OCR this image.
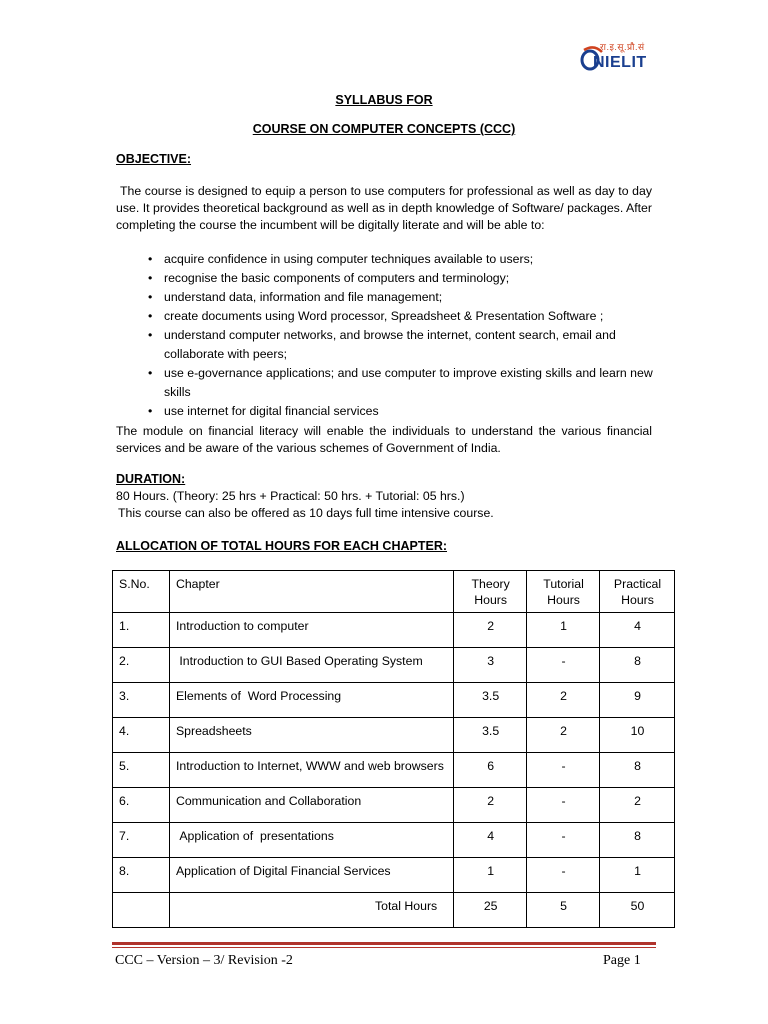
रा.इ.सू.प्रौ.सं
NIELIT
SYLLABUS FOR
COURSE ON COMPUTER CONCEPTS (CCC)
OBJECTIVE:
The course is designed to equip a person to use computers for professional as well as day to day use. It provides theoretical background as well as in depth knowledge of Software/ packages. After completing the course the incumbent will be digitally literate and will be able to:
• acquire confidence in using computer techniques available to users;
• recognise the basic components of computers and terminology;
• understand data, information and file management;
• create documents using Word processor, Spreadsheet & Presentation Software ;
• understand computer networks, and browse the internet, content search, email and collaborate with peers;
• use e-governance applications; and use computer to improve existing skills and learn new skills
• use internet for digital financial services
The module on financial literacy will enable the individuals to understand the various financial services and be aware of the various schemes of Government of India.
DURATION:
80 Hours. (Theory: 25 hrs + Practical: 50 hrs. + Tutorial: 05 hrs.)
This course can also be offered as 10 days full time intensive course.
ALLOCATION OF TOTAL HOURS FOR EACH CHAPTER:
S.No.	Chapter	Theory Hours	Tutorial Hours	Practical Hours
1.	Introduction to computer	2	1	4
2.	Introduction to GUI Based Operating System	3	-	8
3.	Elements of  Word Processing	3.5	2	9
4.	Spreadsheets	3.5	2	10
5.	Introduction to Internet, WWW and web browsers	6	-	8
6.	Communication and Collaboration	2	-	2
7.	Application of  presentations	4	-	8
8.	Application of Digital Financial Services	1	-	1
	Total Hours	25	5	50
CCC – Version – 3/ Revision -2	Page 1
